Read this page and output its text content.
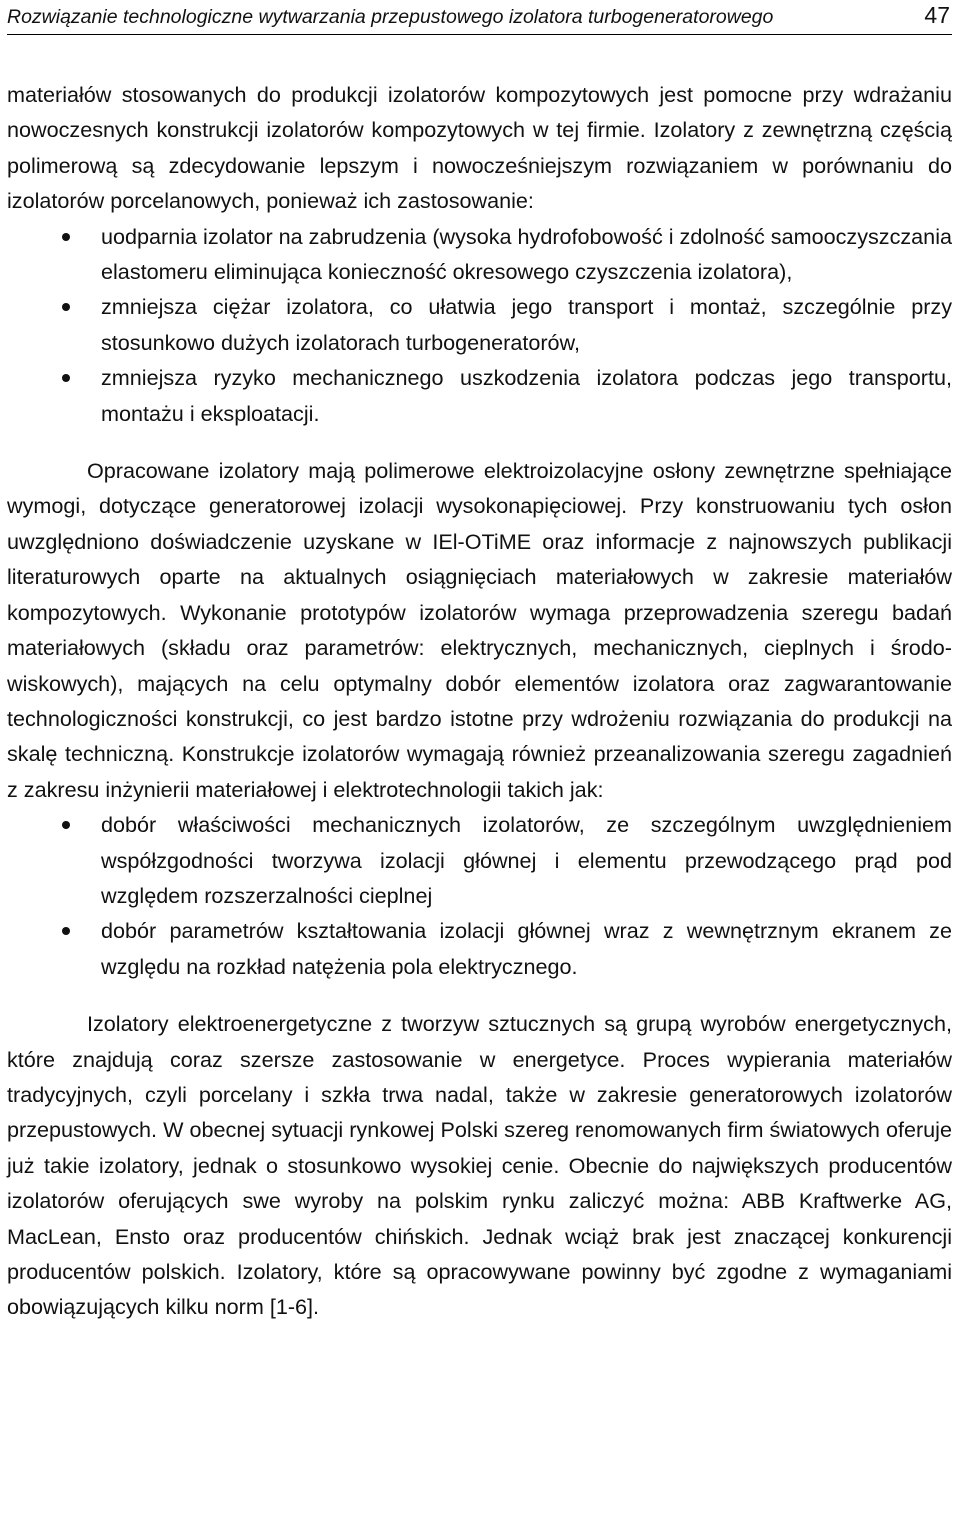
Rozwiązanie technologiczne wytwarzania przepustowego izolatora turbogeneratorowego	47

materiałów stosowanych do produkcji izolatorów kompozytowych jest pomocne przy wdrażaniu nowoczesnych konstrukcji izolatorów kompozytowych w tej firmie. Izolatory z zewnętrzną częścią polimerową są zdecydowanie lepszym i nowocześniejszym rozwiązaniem w porównaniu do izolatorów porcelanowych, ponieważ ich zastosowanie:

uodparnia izolator na zabrudzenia (wysoka hydrofobowość i zdolność samooczyszczania elastomeru eliminująca konieczność okresowego czyszczenia izolatora),
zmniejsza ciężar izolatora, co ułatwia jego transport i montaż, szczególnie przy stosunkowo dużych izolatorach turbogeneratorów,
zmniejsza ryzyko mechanicznego uszkodzenia izolatora podczas jego transportu, montażu i eksploatacji.

Opracowane izolatory mają polimerowe elektroizolacyjne osłony zewnętrzne spełniające wymogi, dotyczące generatorowej izolacji wysokonapięciowej. Przy konstruowaniu tych osłon uwzględniono doświadczenie uzyskane w IEl-OTiME oraz informacje z najnowszych publikacji literaturowych oparte na aktualnych osiągnięciach materiałowych w zakresie materiałów kompozytowych. Wykonanie prototypów izolatorów wymaga przeprowadzenia szeregu badań materiałowych (składu oraz parametrów: elektrycznych, mechanicznych, cieplnych i środowiskowych), mających na celu optymalny dobór elementów izolatora oraz zagwarantowanie technologiczności konstrukcji, co jest bardzo istotne przy wdrożeniu rozwiązania do produkcji na skalę techniczną. Konstrukcje izolatorów wymagają również przeanalizowania szeregu zagadnień z zakresu inżynierii materiałowej i elektrotechnologii takich jak:

dobór właściwości mechanicznych izolatorów, ze szczególnym uwzględnieniem współzgodności tworzywa izolacji głównej i elementu przewodzącego prąd pod względem rozszerzalności cieplnej
dobór parametrów kształtowania izolacji głównej wraz z wewnętrznym ekranem ze względu na rozkład natężenia pola elektrycznego.

Izolatory elektroenergetyczne z tworzyw sztucznych są grupą wyrobów energetycznych, które znajdują coraz szersze zastosowanie w energetyce. Proces wypierania materiałów tradycyjnych, czyli porcelany i szkła trwa nadal, także w zakresie generatorowych izolatorów przepustowych. W obecnej sytuacji rynkowej Polski szereg renomowanych firm światowych oferuje już takie izolatory, jednak o stosunkowo wysokiej cenie. Obecnie do największych producentów izolatorów oferujących swe wyroby na polskim rynku zaliczyć można: ABB Kraftwerke AG, MacLean, Ensto oraz producentów chińskich. Jednak wciąż brak jest znaczącej konkurencji producentów polskich. Izolatory, które są opracowywane powinny być zgodne z wymaganiami obowiązujących kilku norm [1-6].
